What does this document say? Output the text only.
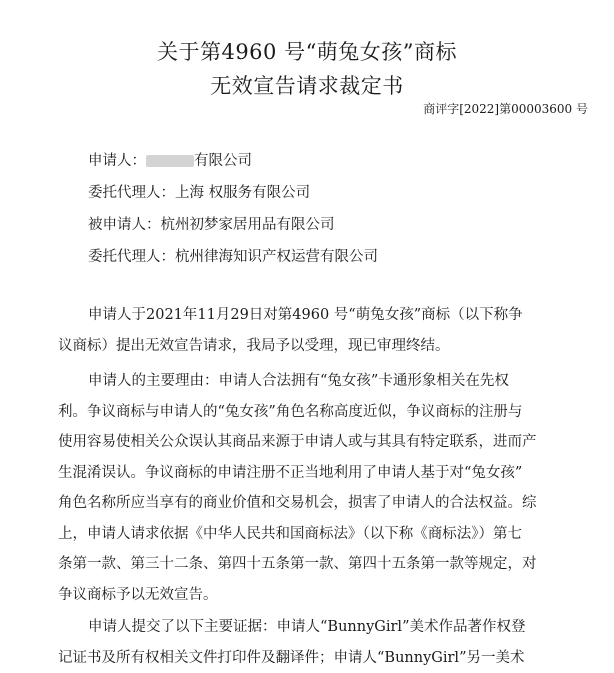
关于第4960 号“萌兔女孩”商标
无效宣告请求裁定书
商评字[2022]第00003600 号
申请人：	有限公司
委托代理人：上海 权服务有限公司
被申请人：杭州初梦家居用品有限公司
委托代理人：杭州律海知识产权运营有限公司
申请人于2021年11月29日对第4960 号“萌兔女孩”商标（以下称争
议商标）提出无效宣告请求，我局予以受理，现已审理终结。
申请人的主要理由：申请人合法拥有“兔女孩”卡通形象相关在先权
利。争议商标与申请人的“兔女孩”角色名称高度近似，争议商标的注册与
使用容易使相关公众误认其商品来源于申请人或与其具有特定联系，进而产
生混淆误认。争议商标的申请注册不正当地利用了申请人基于对“兔女孩”
角色名称所应当享有的商业价值和交易机会，损害了申请人的合法权益。综
上，申请人请求依据《中华人民共和国商标法》（以下称《商标法》）第七
条第一款、第三十二条、第四十五条第一款、第四十五条第一款等规定，对
争议商标予以无效宣告。
申请人提交了以下主要证据：申请人“BunnyGirl”美术作品著作权登
记证书及所有权相关文件打印件及翻译件；申请人“BunnyGirl”另一美术
